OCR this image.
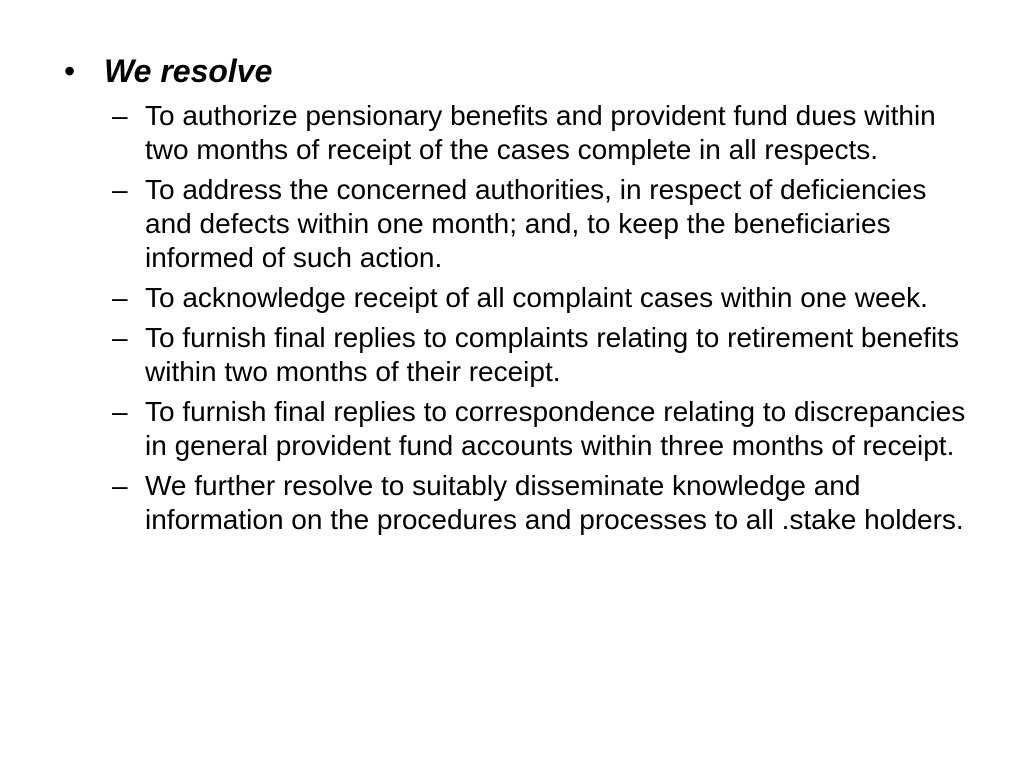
• We resolve
– To authorize pensionary benefits and provident fund dues within two months of receipt of the cases complete in all respects.
– To address the concerned authorities, in respect of deficiencies and defects within one month; and, to keep the beneficiaries informed of such action.
– To acknowledge receipt of all complaint cases within one week.
– To furnish final replies to complaints relating to retirement benefits within two months of their receipt.
– To furnish final replies to correspondence relating to discrepancies in general provident fund accounts within three months of receipt.
– We further resolve to suitably disseminate knowledge and information on the procedures and processes to all .stake holders.
